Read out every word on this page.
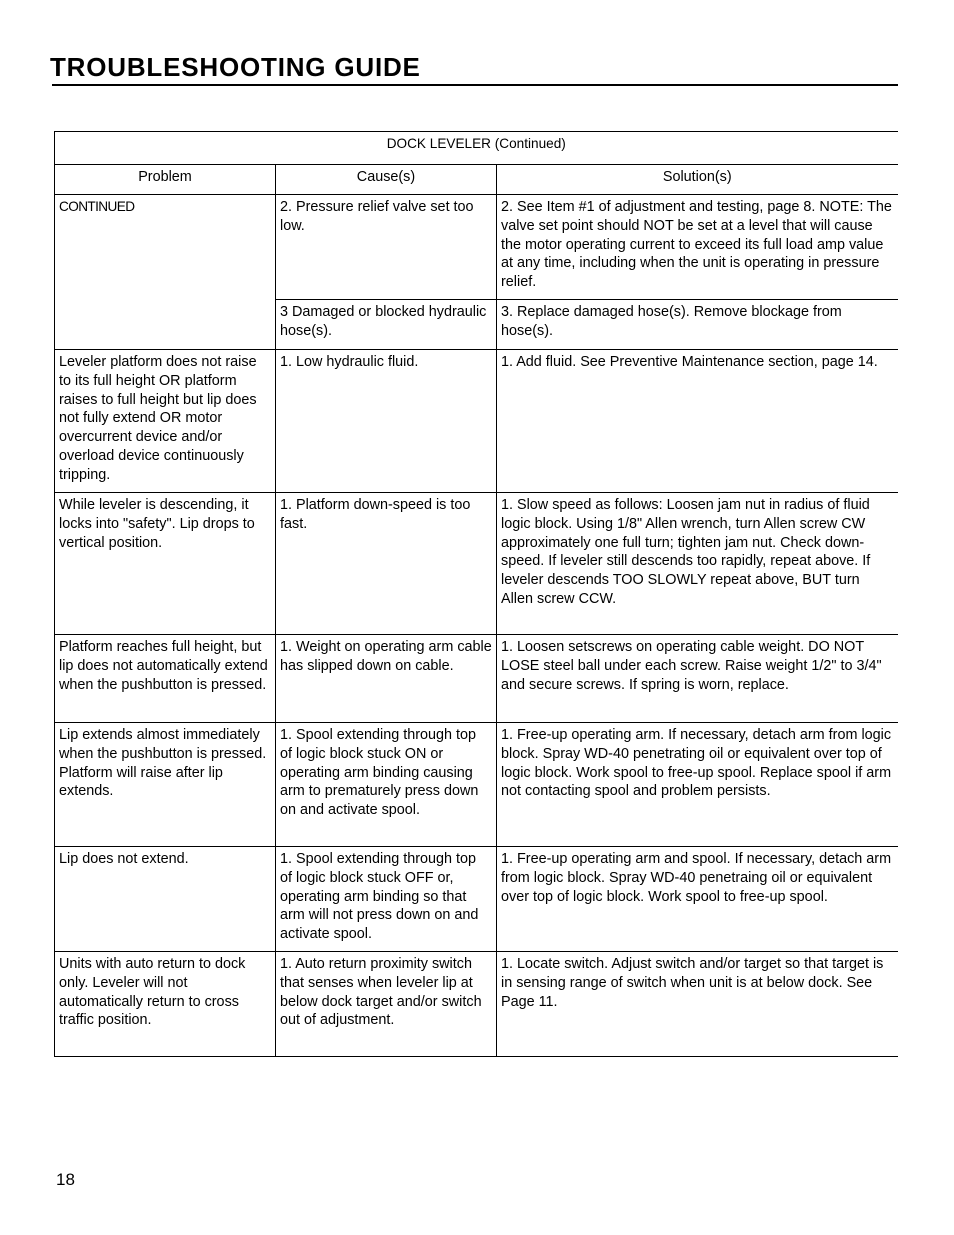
TROUBLESHOOTING GUIDE
DOCK LEVELER (Continued)		
Problem	Cause(s)	Solution(s)
CONTINUED	2. Pressure relief valve set too low.	2. See Item #1 of adjustment and testing, page 8. NOTE: The valve set point should NOT be set at a level that will cause the motor operating current to exceed its full load amp value at any time, including when the unit is operating in pressure relief.
	3 Damaged or blocked hydraulic hose(s).	3. Replace damaged hose(s). Remove blockage from hose(s).
Leveler platform does not raise to its full height OR platform raises to full height but lip does not fully extend OR motor overcurrent device and/or overload device continuously tripping.	1. Low hydraulic fluid.	1. Add fluid. See Preventive Maintenance section, page 14.
While leveler is descending, it locks into "safety". Lip drops to vertical position.	1. Platform down-speed is too fast.	1. Slow speed as follows: Loosen jam nut in radius of fluid logic block. Using 1/8" Allen wrench, turn Allen screw CW approximately one full turn; tighten jam nut. Check down-speed. If leveler still descends too rapidly, repeat above. If leveler descends TOO SLOWLY repeat above, BUT turn Allen screw CCW.
Platform reaches full height, but lip does not automatically extend when the pushbutton is pressed.	1. Weight on operating arm cable has slipped down on cable.	1. Loosen setscrews on operating cable weight. DO NOT LOSE steel ball under each screw. Raise weight 1/2" to 3/4" and secure screws. If spring is worn, replace.
Lip extends almost immediately when the pushbutton is pressed. Platform will raise after lip extends.	1. Spool extending through top of logic block stuck ON or operating arm binding causing arm to prematurely press down on and activate spool.	1. Free-up operating arm. If necessary, detach arm from logic block. Spray WD-40 penetrating oil or equivalent over top of logic block. Work spool to free-up spool. Replace spool if arm not contacting spool and problem persists.
Lip does not extend.	1. Spool extending through top of logic block stuck OFF or, operating arm binding so that arm will not press down on and activate spool.	1. Free-up operating arm and spool. If necessary, detach arm from logic block. Spray WD-40 penetraing oil or equivalent over top of logic block. Work spool to free-up spool.
Units with auto return to dock only. Leveler will not automatically return to cross traffic position.	1. Auto return proximity switch that senses when leveler lip at below dock target and/or switch out of adjustment.	1. Locate switch. Adjust switch and/or target so that target is in sensing range of switch when unit is at below dock. See Page 11.
18
